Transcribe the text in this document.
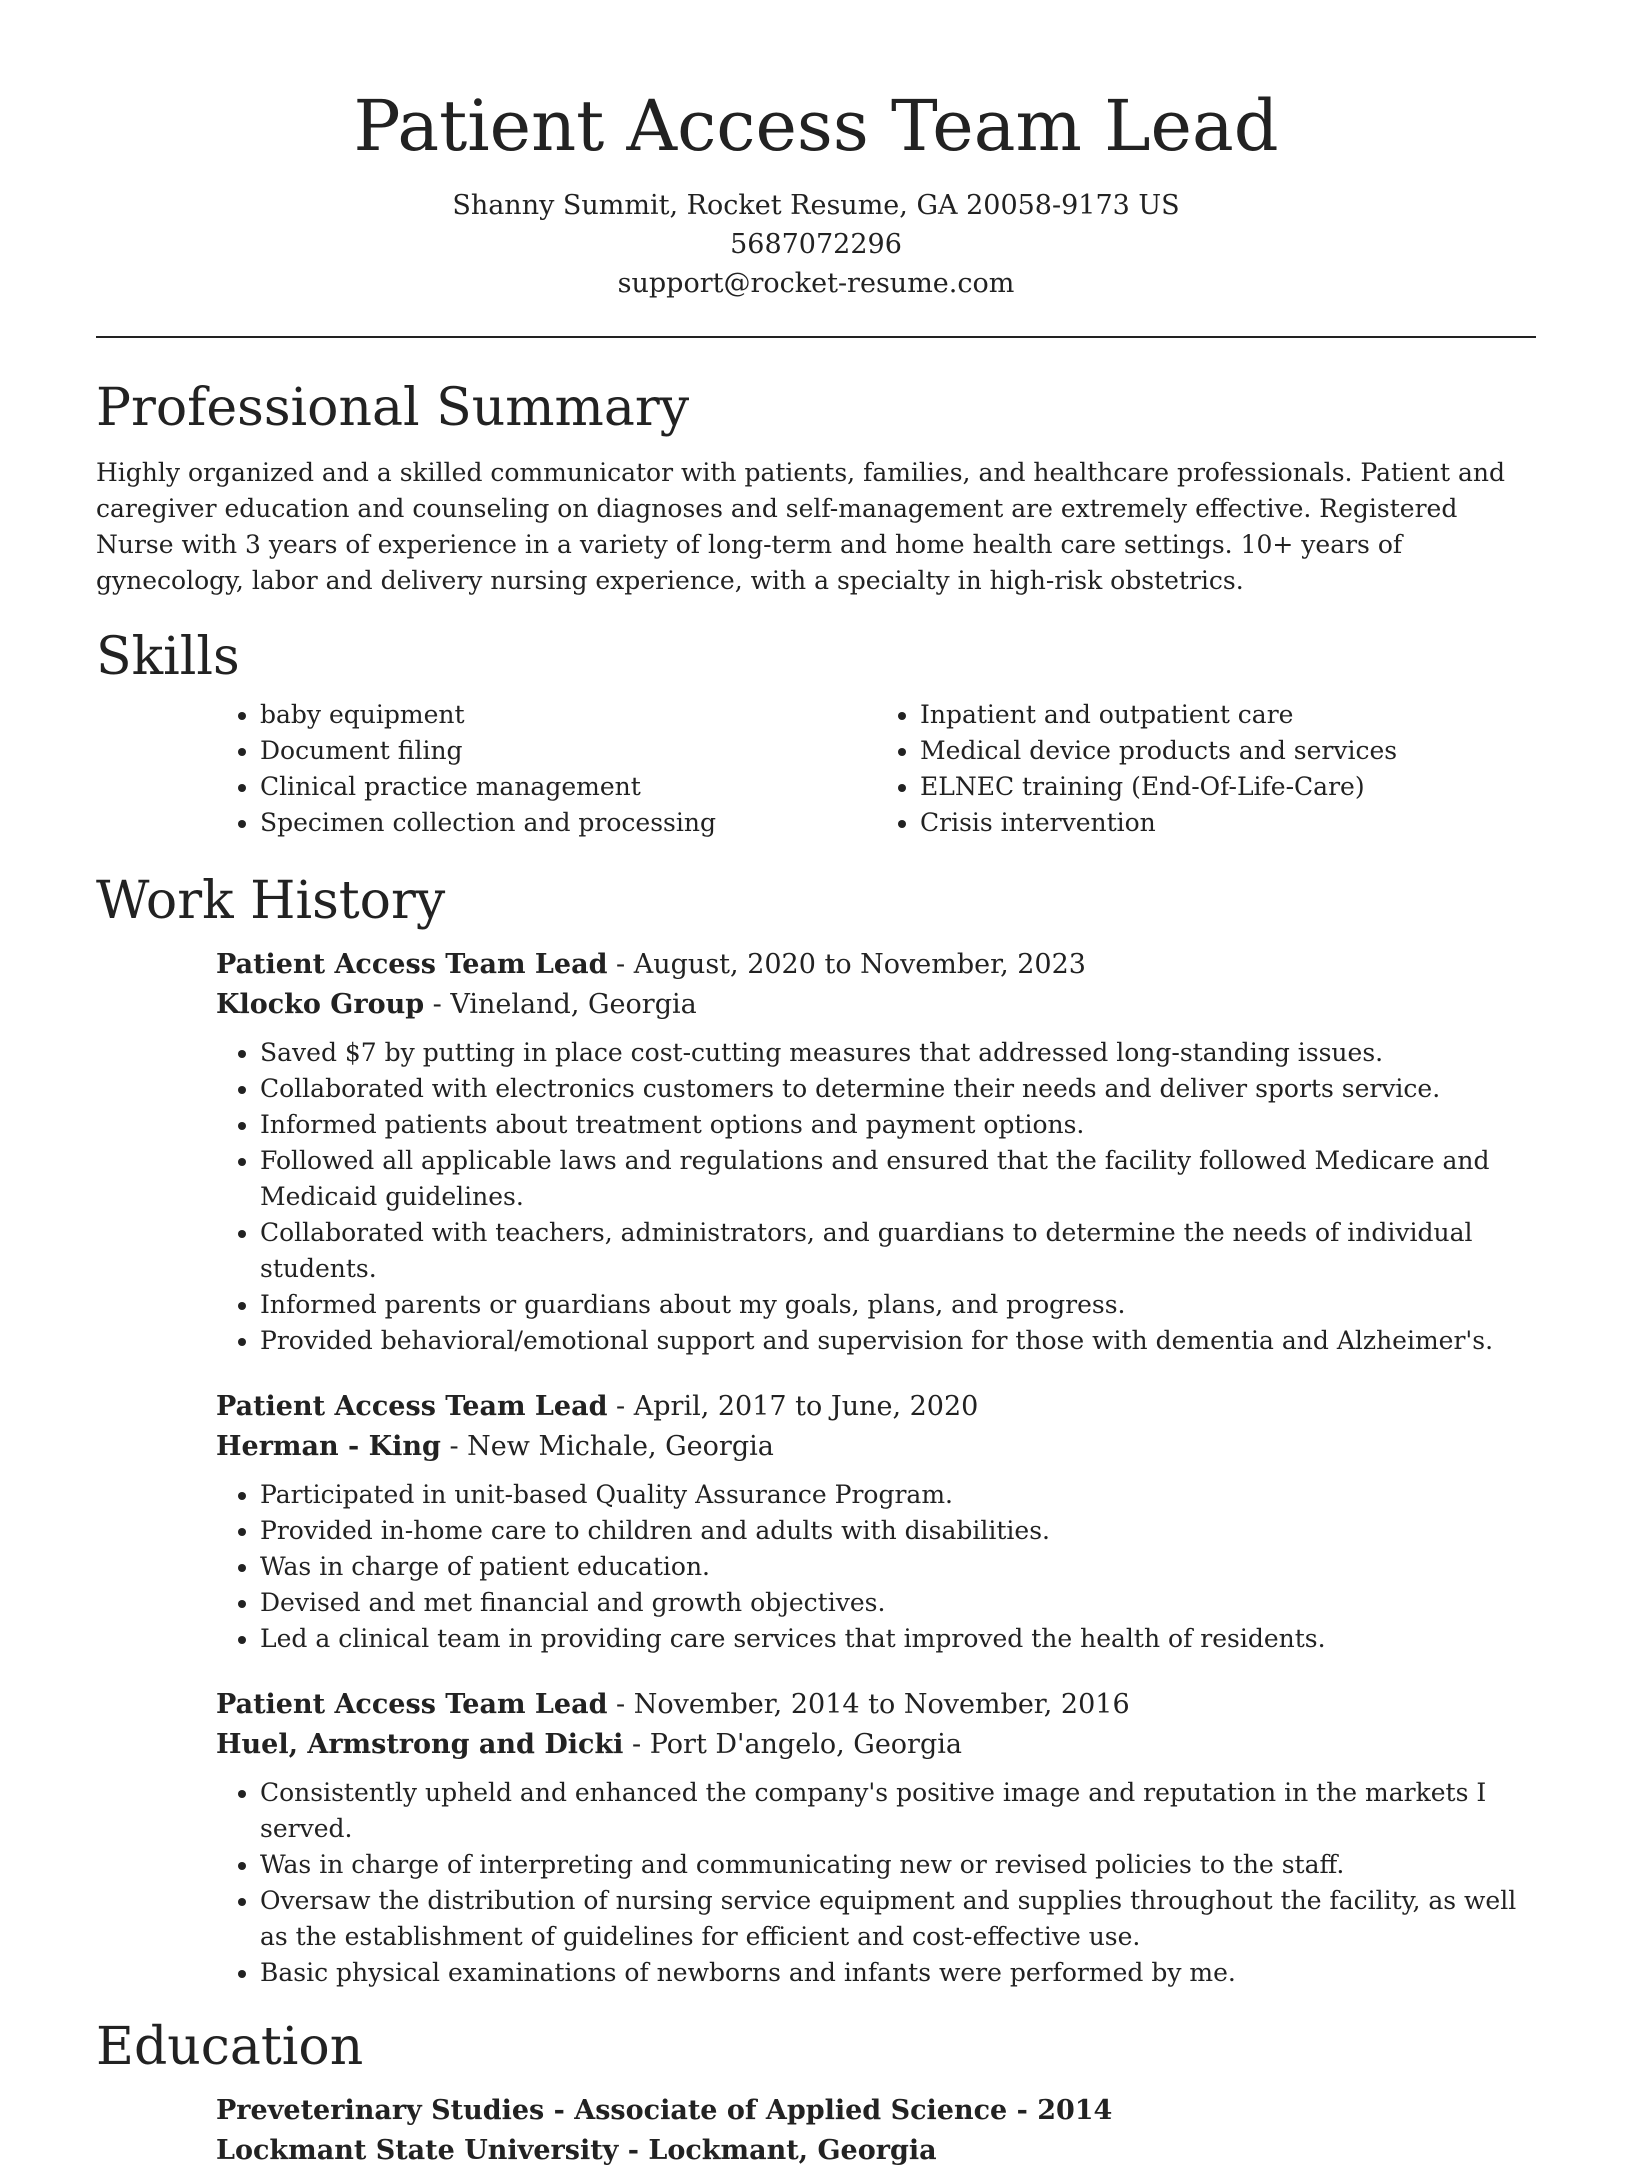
Patient Access Team Lead
Shanny Summit, Rocket Resume, GA 20058-9173 US
5687072296
support@rocket-resume.com
Professional Summary

Highly organized and a skilled communicator with patients, families, and healthcare professionals. Patient and caregiver education and counseling on diagnoses and self-management are extremely effective. Registered Nurse with 3 years of experience in a variety of long-term and home health care settings. 10+ years of gynecology, labor and delivery nursing experience, with a specialty in high-risk obstetrics.

Skills
• baby equipment
• Document filing
• Clinical practice management
• Specimen collection and processing
• Inpatient and outpatient care
• Medical device products and services
• ELNEC training (End-Of-Life-Care)
• Crisis intervention
Work History
Patient Access Team Lead - August, 2020 to November, 2023
Klocko Group - Vineland, Georgia
• Saved $7 by putting in place cost-cutting measures that addressed long-standing issues.
• Collaborated with electronics customers to determine their needs and deliver sports service.
• Informed patients about treatment options and payment options.
• Followed all applicable laws and regulations and ensured that the facility followed Medicare and Medicaid guidelines.
• Collaborated with teachers, administrators, and guardians to determine the needs of individual students.
• Informed parents or guardians about my goals, plans, and progress.
• Provided behavioral/emotional support and supervision for those with dementia and Alzheimer's.
Patient Access Team Lead - April, 2017 to June, 2020
Herman - King - New Michale, Georgia
• Participated in unit-based Quality Assurance Program.
• Provided in-home care to children and adults with disabilities.
• Was in charge of patient education.
• Devised and met financial and growth objectives.
• Led a clinical team in providing care services that improved the health of residents.
Patient Access Team Lead - November, 2014 to November, 2016
Huel, Armstrong and Dicki - Port D'angelo, Georgia
• Consistently upheld and enhanced the company's positive image and reputation in the markets I served.
• Was in charge of interpreting and communicating new or revised policies to the staff.
• Oversaw the distribution of nursing service equipment and supplies throughout the facility, as well as the establishment of guidelines for efficient and cost-effective use.
• Basic physical examinations of newborns and infants were performed by me.
Education
Preveterinary Studies - Associate of Applied Science - 2014
Lockmant State University - Lockmant, Georgia
